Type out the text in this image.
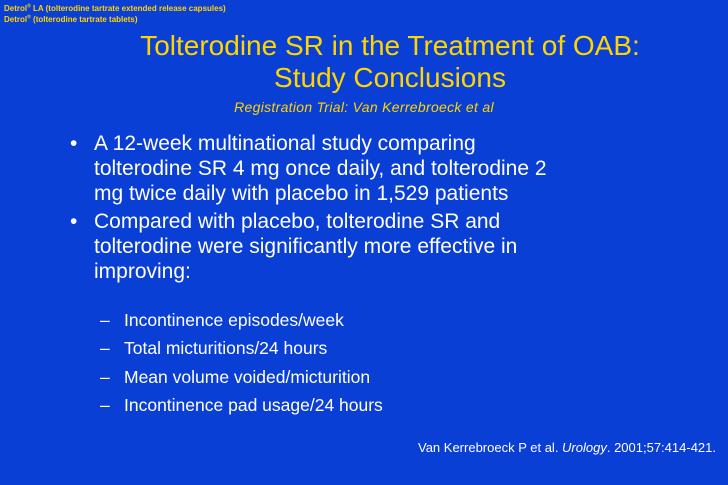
Detrol® LA (tolterodine tartrate extended release capsules)
Detrol® (tolterodine tartrate tablets)
Tolterodine SR in the Treatment of OAB:
Study Conclusions
Registration Trial: Van Kerrebroeck et al
• A 12-week multinational study comparing
tolterodine SR 4 mg once daily, and tolterodine 2
mg twice daily with placebo in 1,529 patients
• Compared with placebo, tolterodine SR and
tolterodine were significantly more effective in
improving:
– Incontinence episodes/week
– Total micturitions/24 hours
– Mean volume voided/micturition
– Incontinence pad usage/24 hours
Van Kerrebroeck P et al. Urology. 2001;57:414-421.
